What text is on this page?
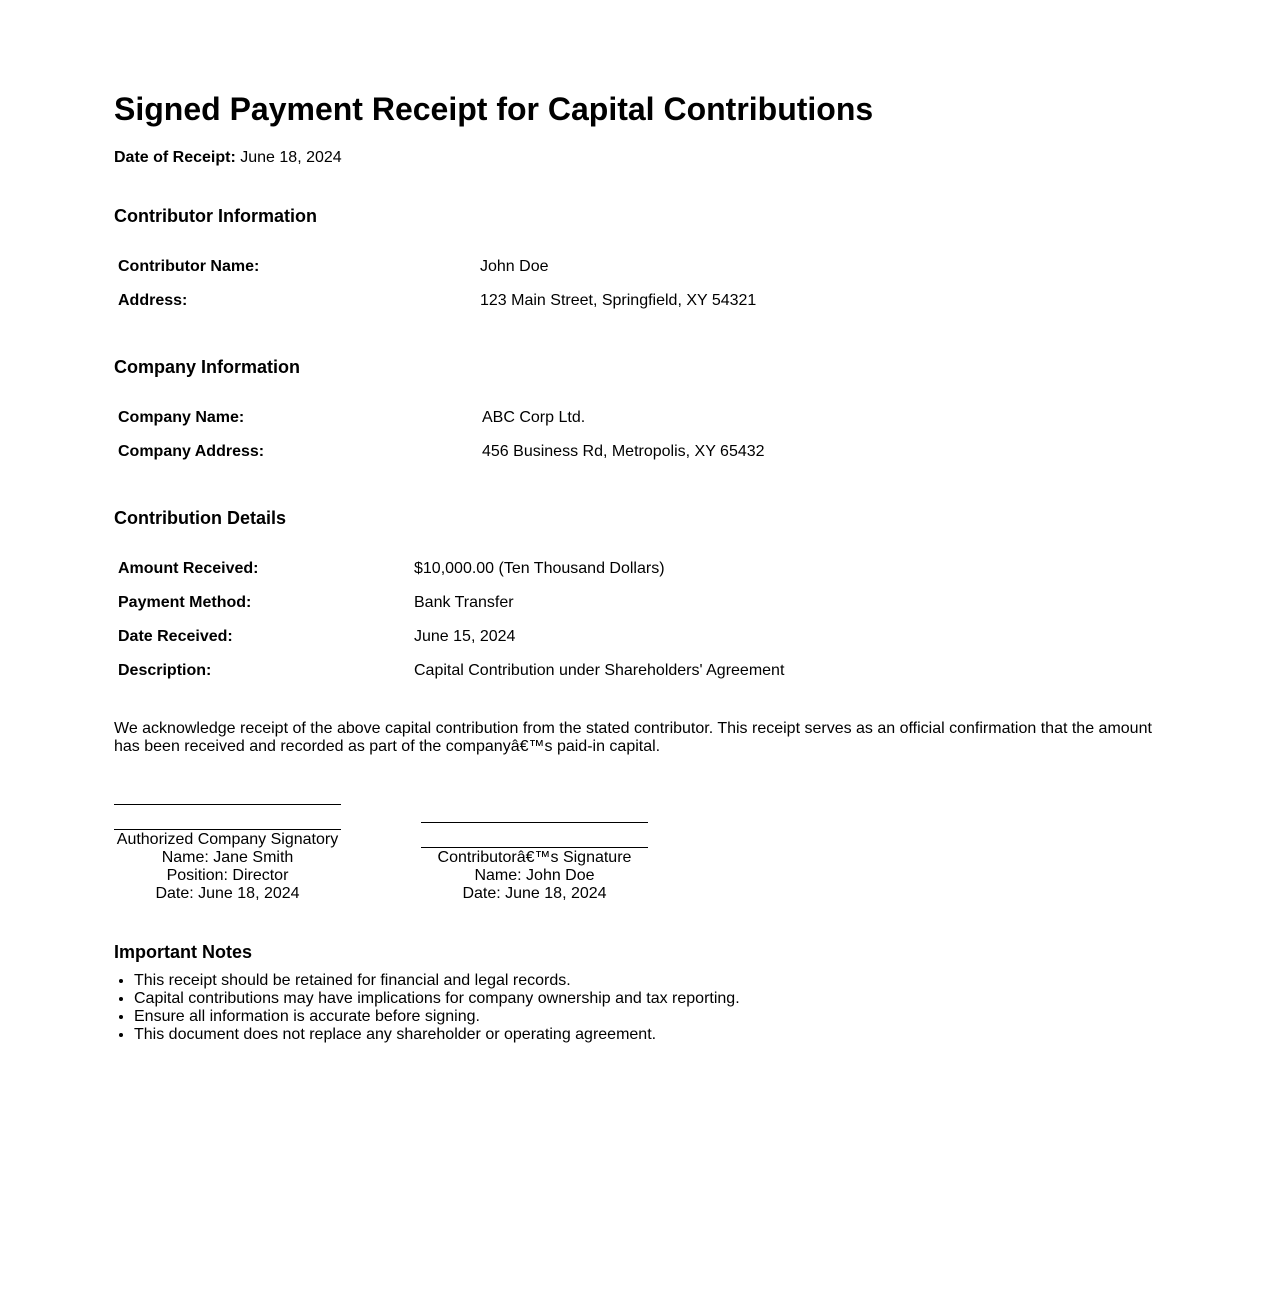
Signed Payment Receipt for Capital Contributions
Date of Receipt: June 18, 2024
Contributor Information
Contributor Name:	John Doe
Address:	123 Main Street, Springfield, XY 54321
Company Information
Company Name:	ABC Corp Ltd.
Company Address:	456 Business Rd, Metropolis, XY 65432
Contribution Details
Amount Received:	$10,000.00 (Ten Thousand Dollars)
Payment Method:	Bank Transfer
Date Received:	June 15, 2024
Description:	Capital Contribution under Shareholders' Agreement

We acknowledge receipt of the above capital contribution from the stated contributor. This receipt serves as an official confirmation that the amount has been received and recorded as part of the companyâ€™s paid-in capital.

Authorized Company Signatory
Name: Jane Smith
Position: Director
Date: June 18, 2024
Contributorâ€™s Signature
Name: John Doe
Date: June 18, 2024
Important Notes
• This receipt should be retained for financial and legal records.
• Capital contributions may have implications for company ownership and tax reporting.
• Ensure all information is accurate before signing.
• This document does not replace any shareholder or operating agreement.
